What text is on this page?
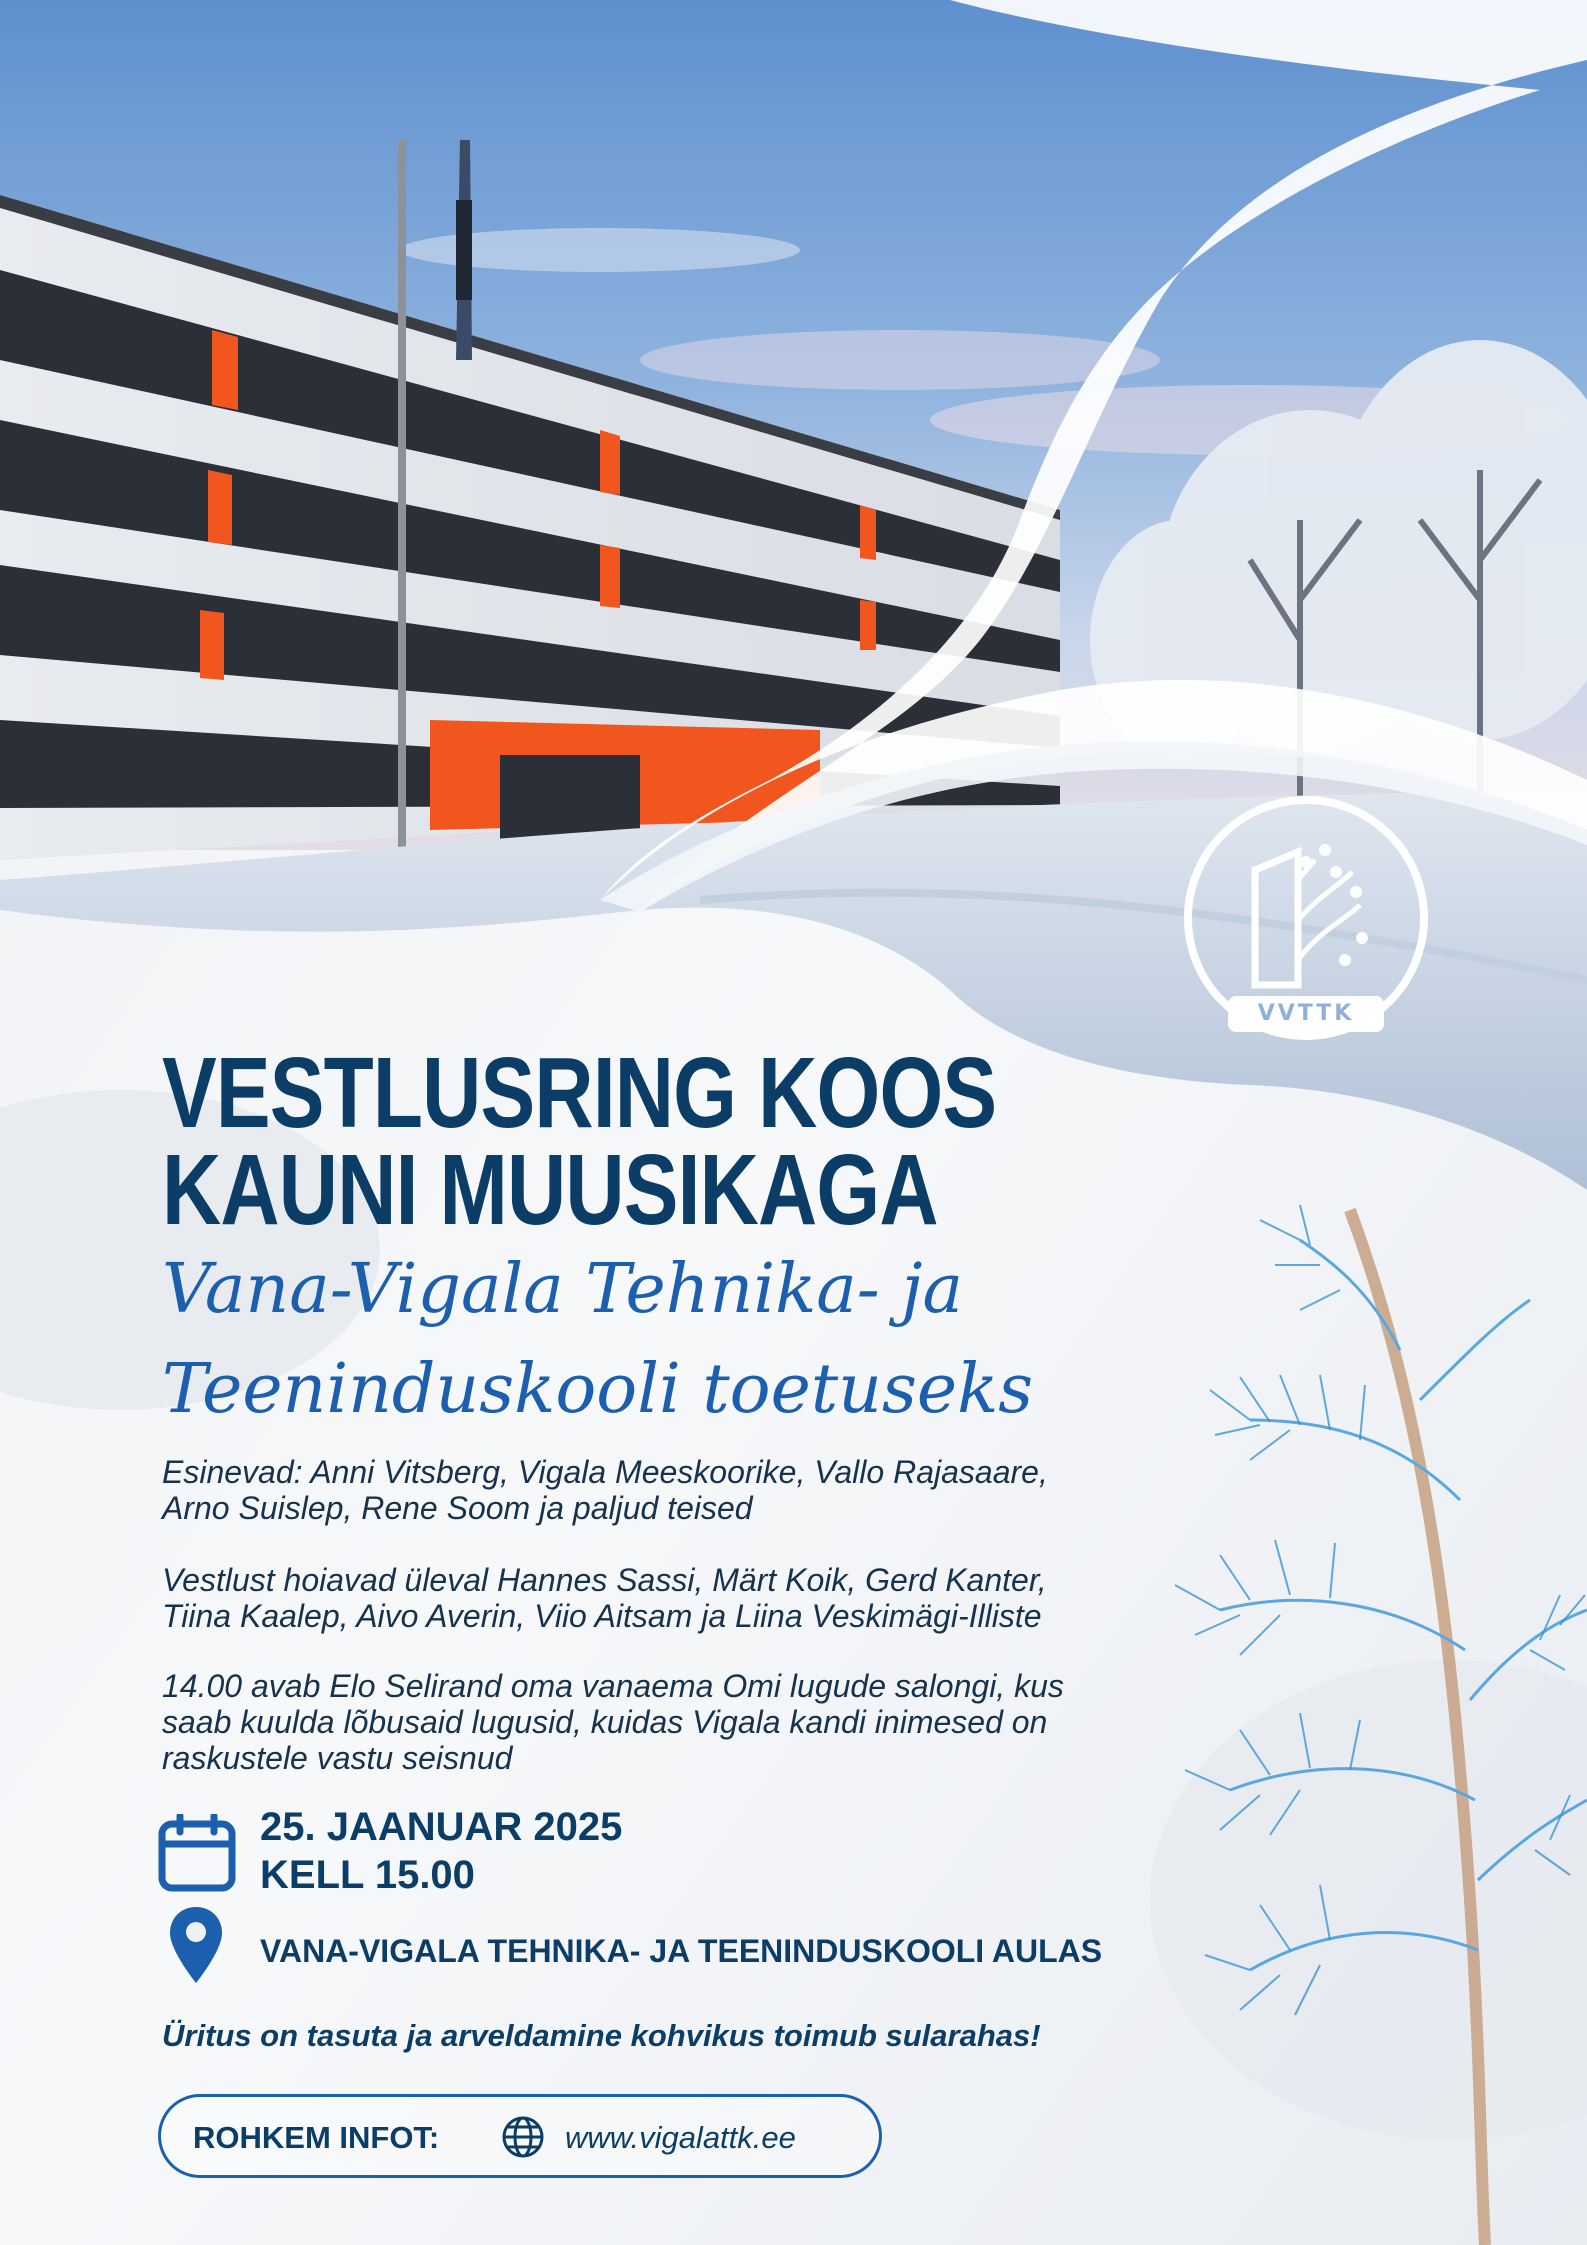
VVTTK
VESTLUSRING KOOS
KAUNI MUUSIKAGA

Vana-Vigala Tehnika- ja
Teeninduskooli toetuseks

Esinevad: Anni Vitsberg, Vigala Meeskoorike, Vallo Rajasaare,
Arno Suislep, Rene Soom ja paljud teised

Vestlust hoiavad üleval Hannes Sassi, Märt Koik, Gerd Kanter,
Tiina Kaalep, Aivo Averin, Viio Aitsam ja Liina Veskimägi-Illiste

14.00 avab Elo Selirand oma vanaema Omi lugude salongi, kus
saab kuulda lõbusaid lugusid, kuidas Vigala kandi inimesed on
raskustele vastu seisnud

25. JAANUAR 2025

KELL 15.00

VANA-VIGALA TEHNIKA- JA TEENINDUSKOOLI AULAS

Üritus on tasuta ja arveldamine kohvikus toimub sularahas!

ROHKEM INFOT:	www.vigalattk.ee
